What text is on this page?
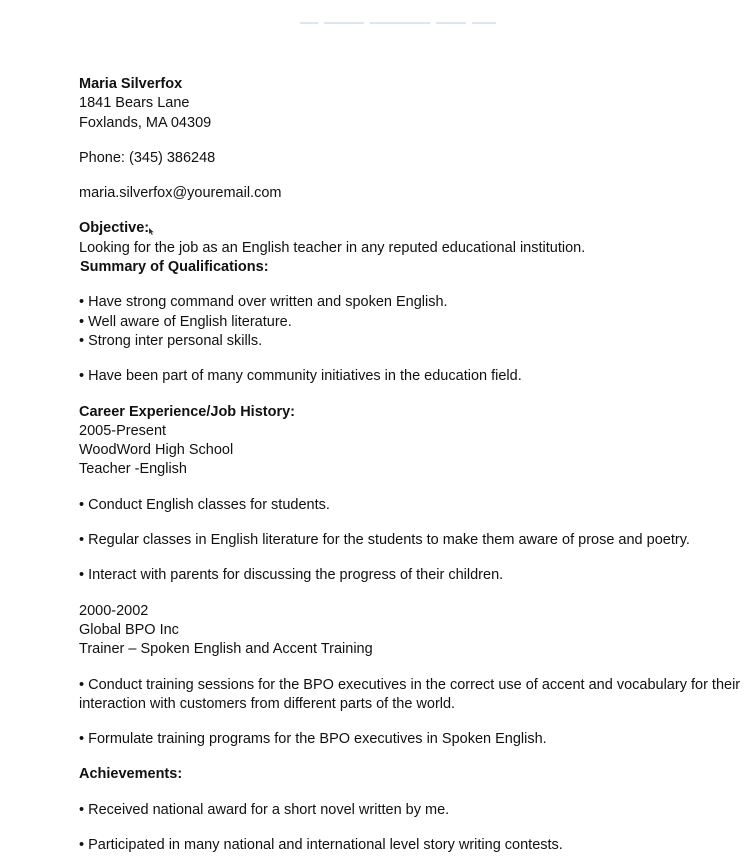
Maria Silverfox
1841 Bears Lane
Foxlands, MA 04309
Phone: (345) 386248
maria.silverfox@youremail.com
Objective:
Looking for the job as an English teacher in any reputed educational institution.
Summary of Qualifications:
• Have strong command over written and spoken English.
• Well aware of English literature.
• Strong inter personal skills.
• Have been part of many community initiatives in the education field.
Career Experience/Job History:
2005-Present
WoodWord High School
Teacher -English
• Conduct English classes for students.
• Regular classes in English literature for the students to make them aware of prose and poetry.
• Interact with parents for discussing the progress of their children.
2000-2002
Global BPO Inc
Trainer – Spoken English and Accent Training
• Conduct training sessions for the BPO executives in the correct use of accent and vocabulary for their interaction with customers from different parts of the world.
• Formulate training programs for the BPO executives in Spoken English.
Achievements:
• Received national award for a short novel written by me.
• Participated in many national and international level story writing contests.
